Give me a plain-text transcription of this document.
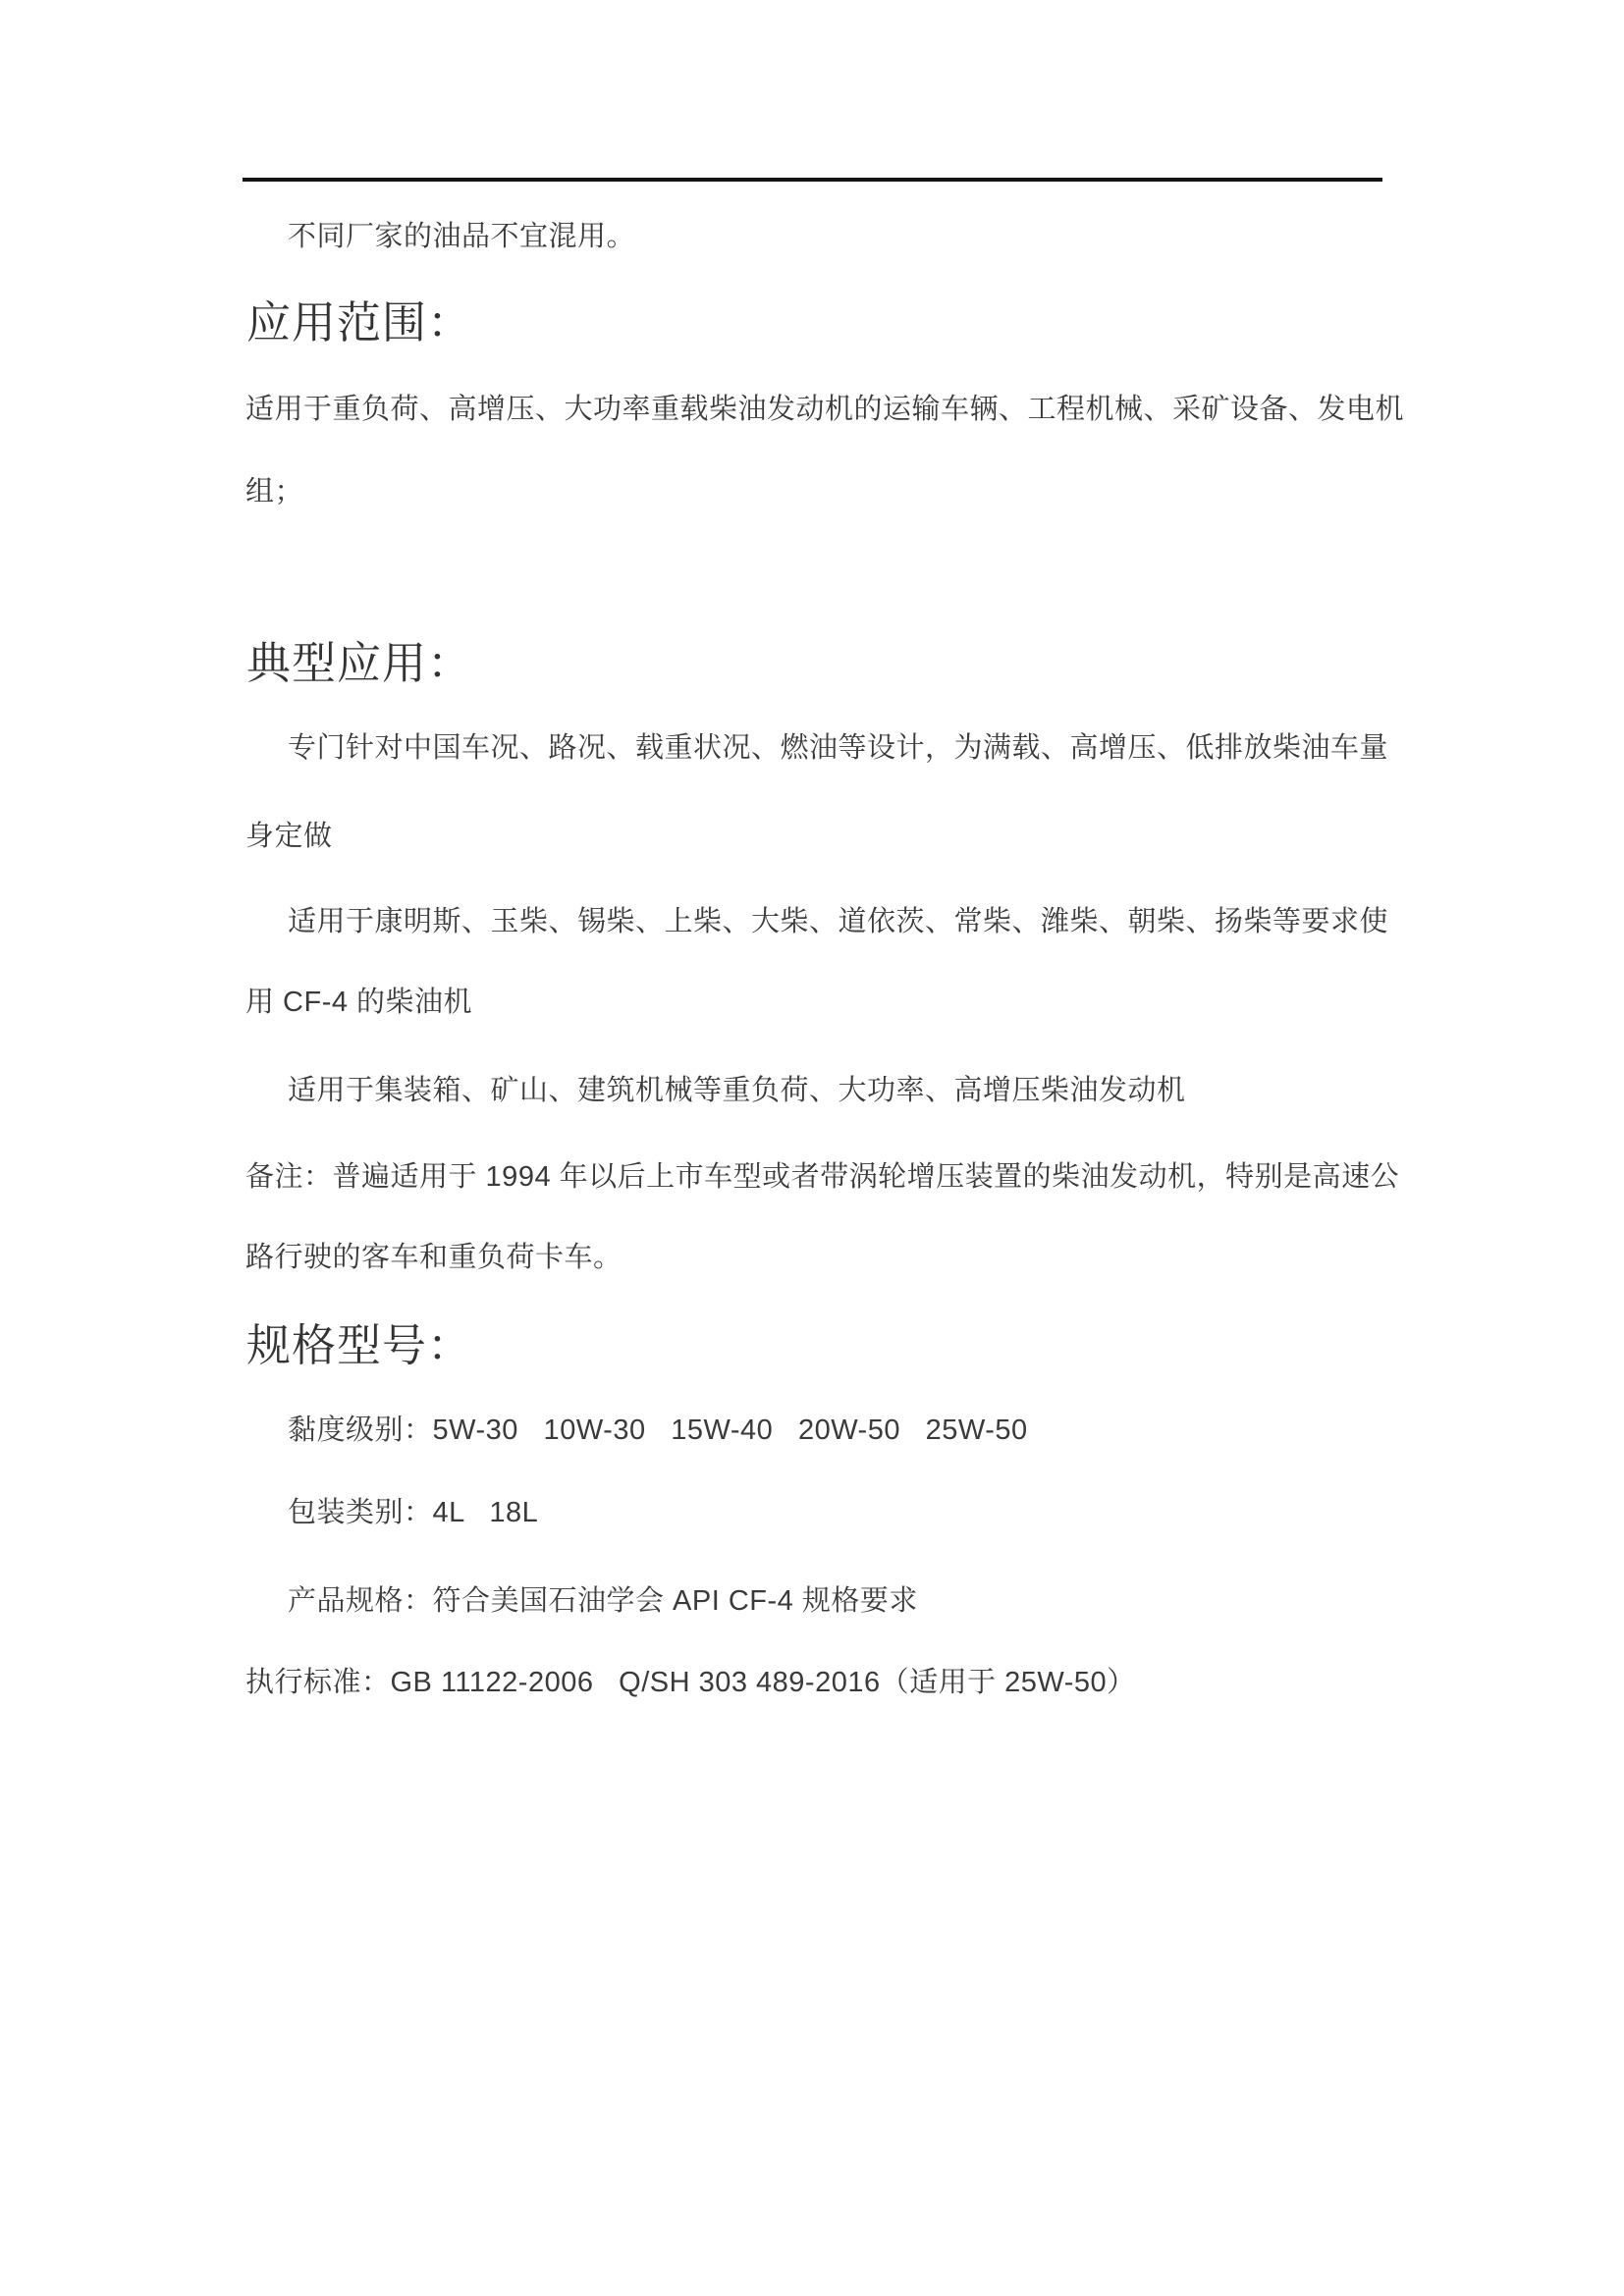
不同厂家的油品不宜混用。
应用范围：
适用于重负荷、高增压、大功率重载柴油发动机的运输车辆、工程机械、采矿设备、发电机
组；
典型应用：
专门针对中国车况、路况、载重状况、燃油等设计，为满载、高增压、低排放柴油车量
身定做
适用于康明斯、玉柴、锡柴、上柴、大柴、道依茨、常柴、潍柴、朝柴、扬柴等要求使
用 CF-4 的柴油机
适用于集装箱、矿山、建筑机械等重负荷、大功率、高增压柴油发动机
备注：普遍适用于 1994 年以后上市车型或者带涡轮增压装置的柴油发动机，特别是高速公
路行驶的客车和重负荷卡车。
规格型号：
黏度级别：5W-30   10W-30   15W-40   20W-50   25W-50
包装类别：4L   18L
产品规格：符合美国石油学会 API CF-4 规格要求
执行标准：GB 11122-2006   Q/SH 303 489-2016（适用于 25W-50）
